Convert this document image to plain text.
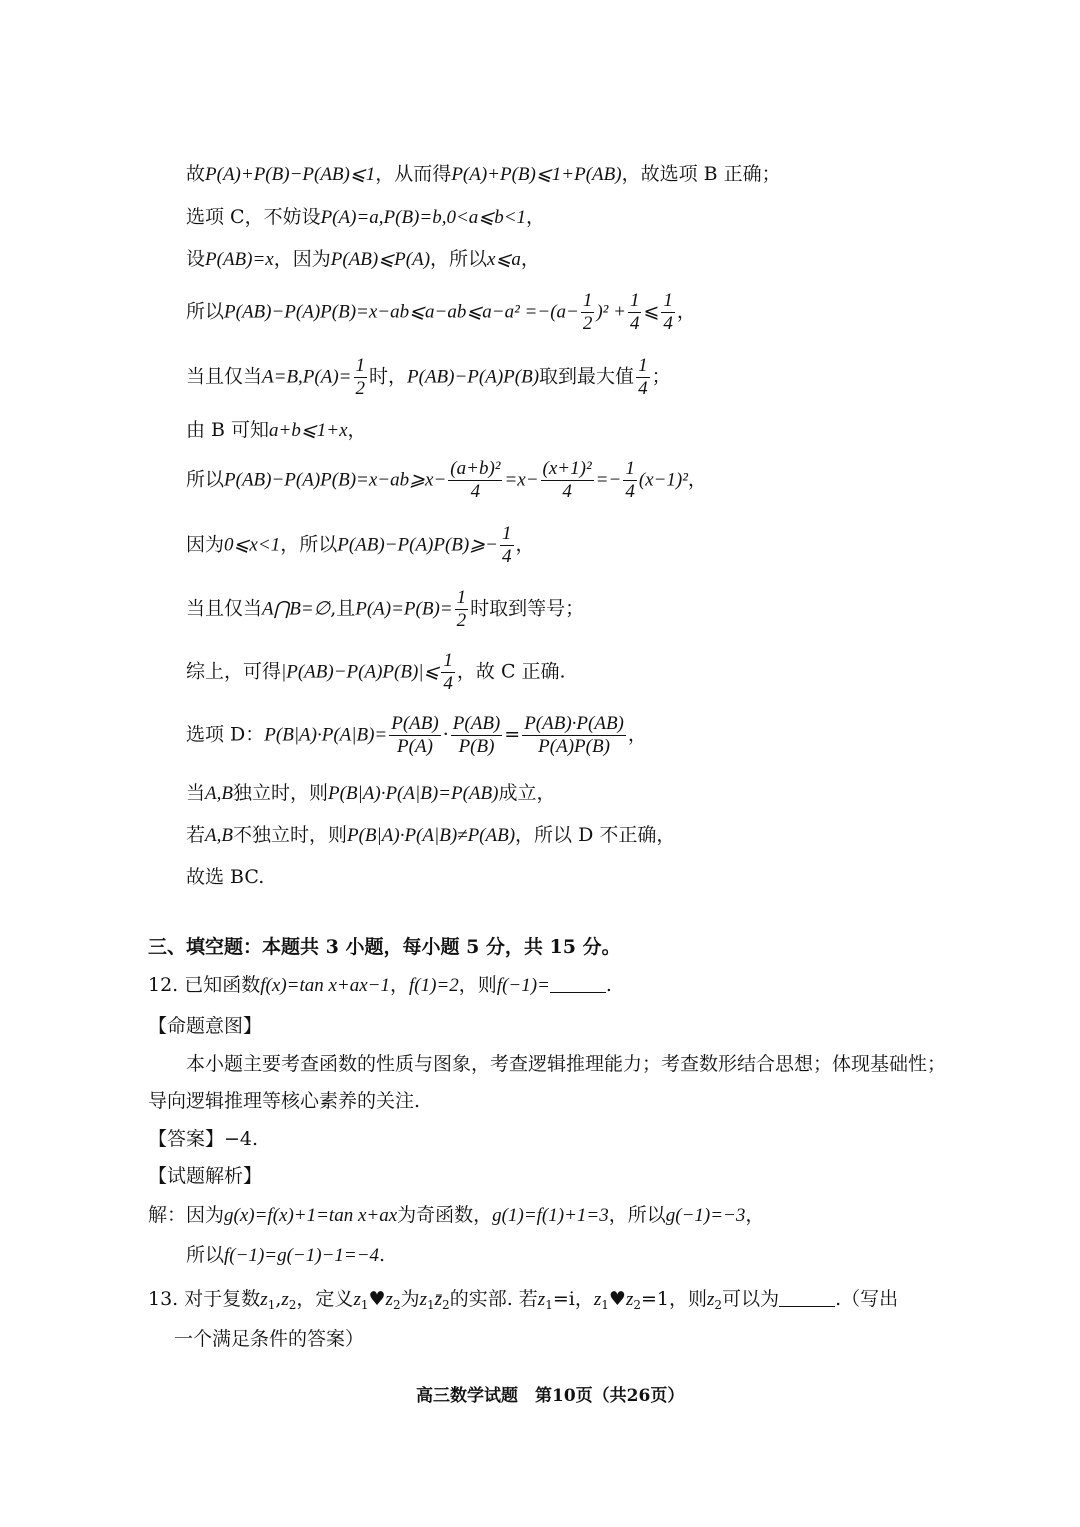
故P(A)+P(B)−P(AB)⩽1，从而得P(A)+P(B)⩽1+P(AB)，故选项 B 正确；
选项 C，不妨设P(A)=a,P(B)=b,0<a⩽b<1，
设P(AB)=x，因为P(AB)⩽P(A)，所以x⩽a，
所以P(AB)−P(A)P(B)=x−ab⩽a−ab⩽a−a² $=-(a- \frac{1}{2} )^2 + \frac{1}{4}$ ⩽ $\frac{1}{4}$ ，
当且仅当$A=B,P(A)= \frac{1}{2}$ 时，P(AB)−P(A)P(B)取到最大值 $\frac{1}{4}$ ；
由 B 可知a+b⩽1+x，
所以P(AB)−P(A)P(B)=x−ab⩾x− $\frac{\text{(a+b)²}}{4} =x- \frac{\text{(x+1)²}}{4} =- \frac{1}{4} (x-1)^2$，
因为0⩽x<1，所以P(AB)−P(A)P(B)⩾− $\frac{1}{4}$ ，
当且仅当A⋂B=∅,且$P(A)=P(B)= \frac{1}{2}$ 时取到等号；
综上，可得|P(AB)−P(A)P(B)|⩽ $\frac{1}{4}$ ，故 C 正确.
选项 D：$P(B|A)\cdot P(A|B)= \frac{P(AB)}{P(A)} \cdot \frac{P(AB)}{P(B)} = \frac{P(AB)\cdot P(AB)}{P(A)P(B)}$ ，
当A,B独立时，则P(B|A)·P(A|B)=P(AB)成立，
若A,B不独立时，则P(B|A)·P(A|B)≠P(AB)，所以 D 不正确，
故选 BC.
三、填空题：本题共 3 小题，每小题 5 分，共 15 分。
12. 已知函数f(x)=tan x+ax−1，f(1)=2，则f(−1)=	.
【命题意图】
本小题主要考查函数的性质与图象，考查逻辑推理能力；考查数形结合思想；体现基础性；
导向逻辑推理等核心素养的关注.
【答案】−4.
【试题解析】
解：因为g(x)=f(x)+1=tan x+ax为奇函数，g(1)=f(1)+1=3，所以g(−1)=−3，
所以f(−1)=g(−1)−1=−4.
13. 对于复数$z_1,z_2$，定义$z_1♥z_2$为$z_1z̄_2$的实部. 若$z_1=i$，$z_1♥z_2=1$，则$z_2$可以为	.（写出
一个满足条件的答案）
高三数学试题　第10页（共26页）
